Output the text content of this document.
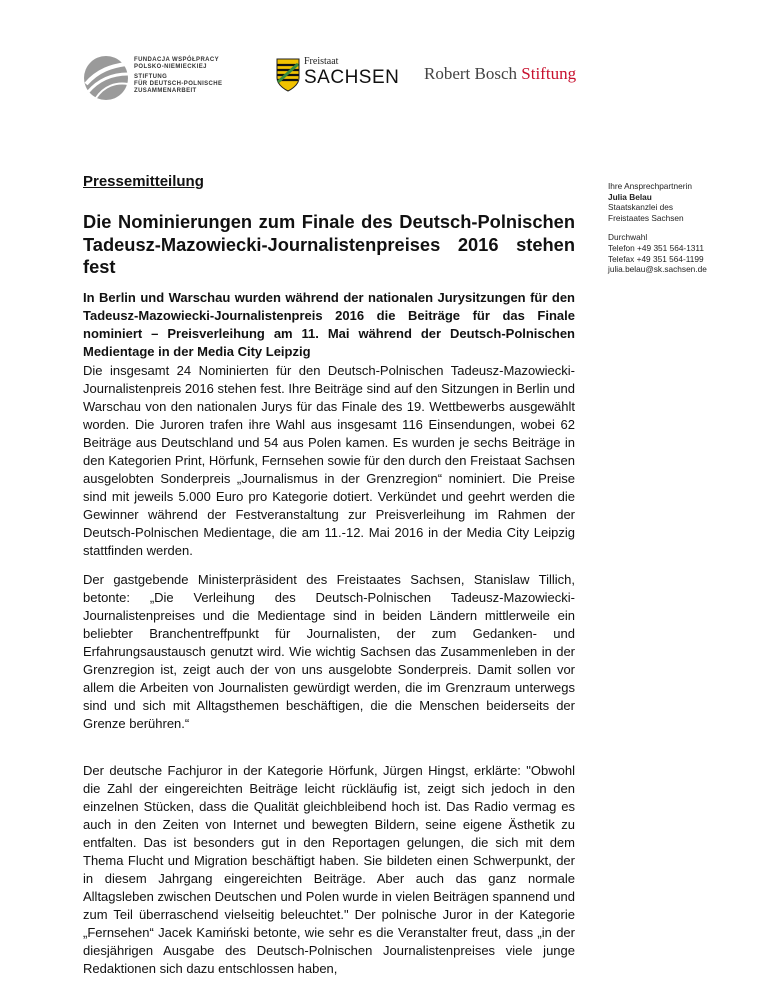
FUNDACJA WSPÓŁPRACY
POLSKO-NIEMIECKIEJ
STIFTUNG
FÜR DEUTSCH-POLNISCHE
ZUSAMMENARBEIT
Freistaat
SACHSEN Robert Bosch Stiftung
Pressemitteilung
Die Nominierungen zum Finale des Deutsch-Polnischen Tadeusz-Mazowiecki-Journalistenpreises 2016 stehen fest
In Berlin und Warschau wurden während der nationalen Jurysitzungen für den Tadeusz-Mazowiecki-Journalistenpreis 2016 die Beiträge für das Finale nominiert – Preisverleihung am 11. Mai während der Deutsch-Polnischen Medientage in der Media City Leipzig

Die insgesamt 24 Nominierten für den Deutsch-Polnischen Tadeusz-Mazowiecki-Journalistenpreis 2016 stehen fest. Ihre Beiträge sind auf den Sitzungen in Berlin und Warschau von den nationalen Jurys für das Finale des 19. Wettbewerbs ausgewählt worden. Die Juroren trafen ihre Wahl aus insgesamt 116 Einsendungen, wobei 62 Beiträge aus Deutschland und 54 aus Polen kamen. Es wurden je sechs Beiträge in den Kategorien Print, Hörfunk, Fernsehen sowie für den durch den Freistaat Sachsen ausgelobten Sonderpreis „Journalismus in der Grenzregion“ nominiert. Die Preise sind mit jeweils 5.000 Euro pro Kategorie dotiert. Verkündet und geehrt werden die Gewinner während der Festveranstaltung zur Preisverleihung im Rahmen der Deutsch-Polnischen Medientage, die am 11.-12. Mai 2016 in der Media City Leipzig stattfinden werden.

Der gastgebende Ministerpräsident des Freistaates Sachsen, Stanislaw Tillich, betonte: „Die Verleihung des Deutsch-Polnischen Tadeusz-Mazowiecki-Journalistenpreises und die Medientage sind in beiden Ländern mittlerweile ein beliebter Branchentreffpunkt für Journalisten, der zum Gedanken- und Erfahrungsaustausch genutzt wird. Wie wichtig Sachsen das Zusammenleben in der Grenzregion ist, zeigt auch der von uns ausgelobte Sonderpreis. Damit sollen vor allem die Arbeiten von Journalisten gewürdigt werden, die im Grenzraum unterwegs sind und sich mit Alltagsthemen beschäftigen, die die Menschen beiderseits der Grenze berühren.“

Der deutsche Fachjuror in der Kategorie Hörfunk, Jürgen Hingst, erklärte: "Obwohl die Zahl der eingereichten Beiträge leicht rückläufig ist, zeigt sich jedoch in den einzelnen Stücken, dass die Qualität gleichbleibend hoch ist. Das Radio vermag es auch in den Zeiten von Internet und bewegten Bildern, seine eigene Ästhetik zu entfalten. Das ist besonders gut in den Reportagen gelungen, die sich mit dem Thema Flucht und Migration beschäftigt haben. Sie bildeten einen Schwerpunkt, der in diesem Jahrgang eingereichten Beiträge. Aber auch das ganz normale Alltagsleben zwischen Deutschen und Polen wurde in vielen Beiträgen spannend und zum Teil überraschend vielseitig beleuchtet." Der polnische Juror in der Kategorie „Fernsehen“ Jacek Kamiński betonte, wie sehr es die Veranstalter freut, dass „in der diesjährigen Ausgabe des Deutsch-Polnischen Journalistenpreises viele junge Redaktionen sich dazu entschlossen haben,

Ihre Ansprechpartnerin
Julia Belau
Staatskanzlei des
Freistaates Sachsen
Durchwahl
Telefon +49 351 564-1311
Telefax +49 351 564-1199
julia.belau@sk.sachsen.de
